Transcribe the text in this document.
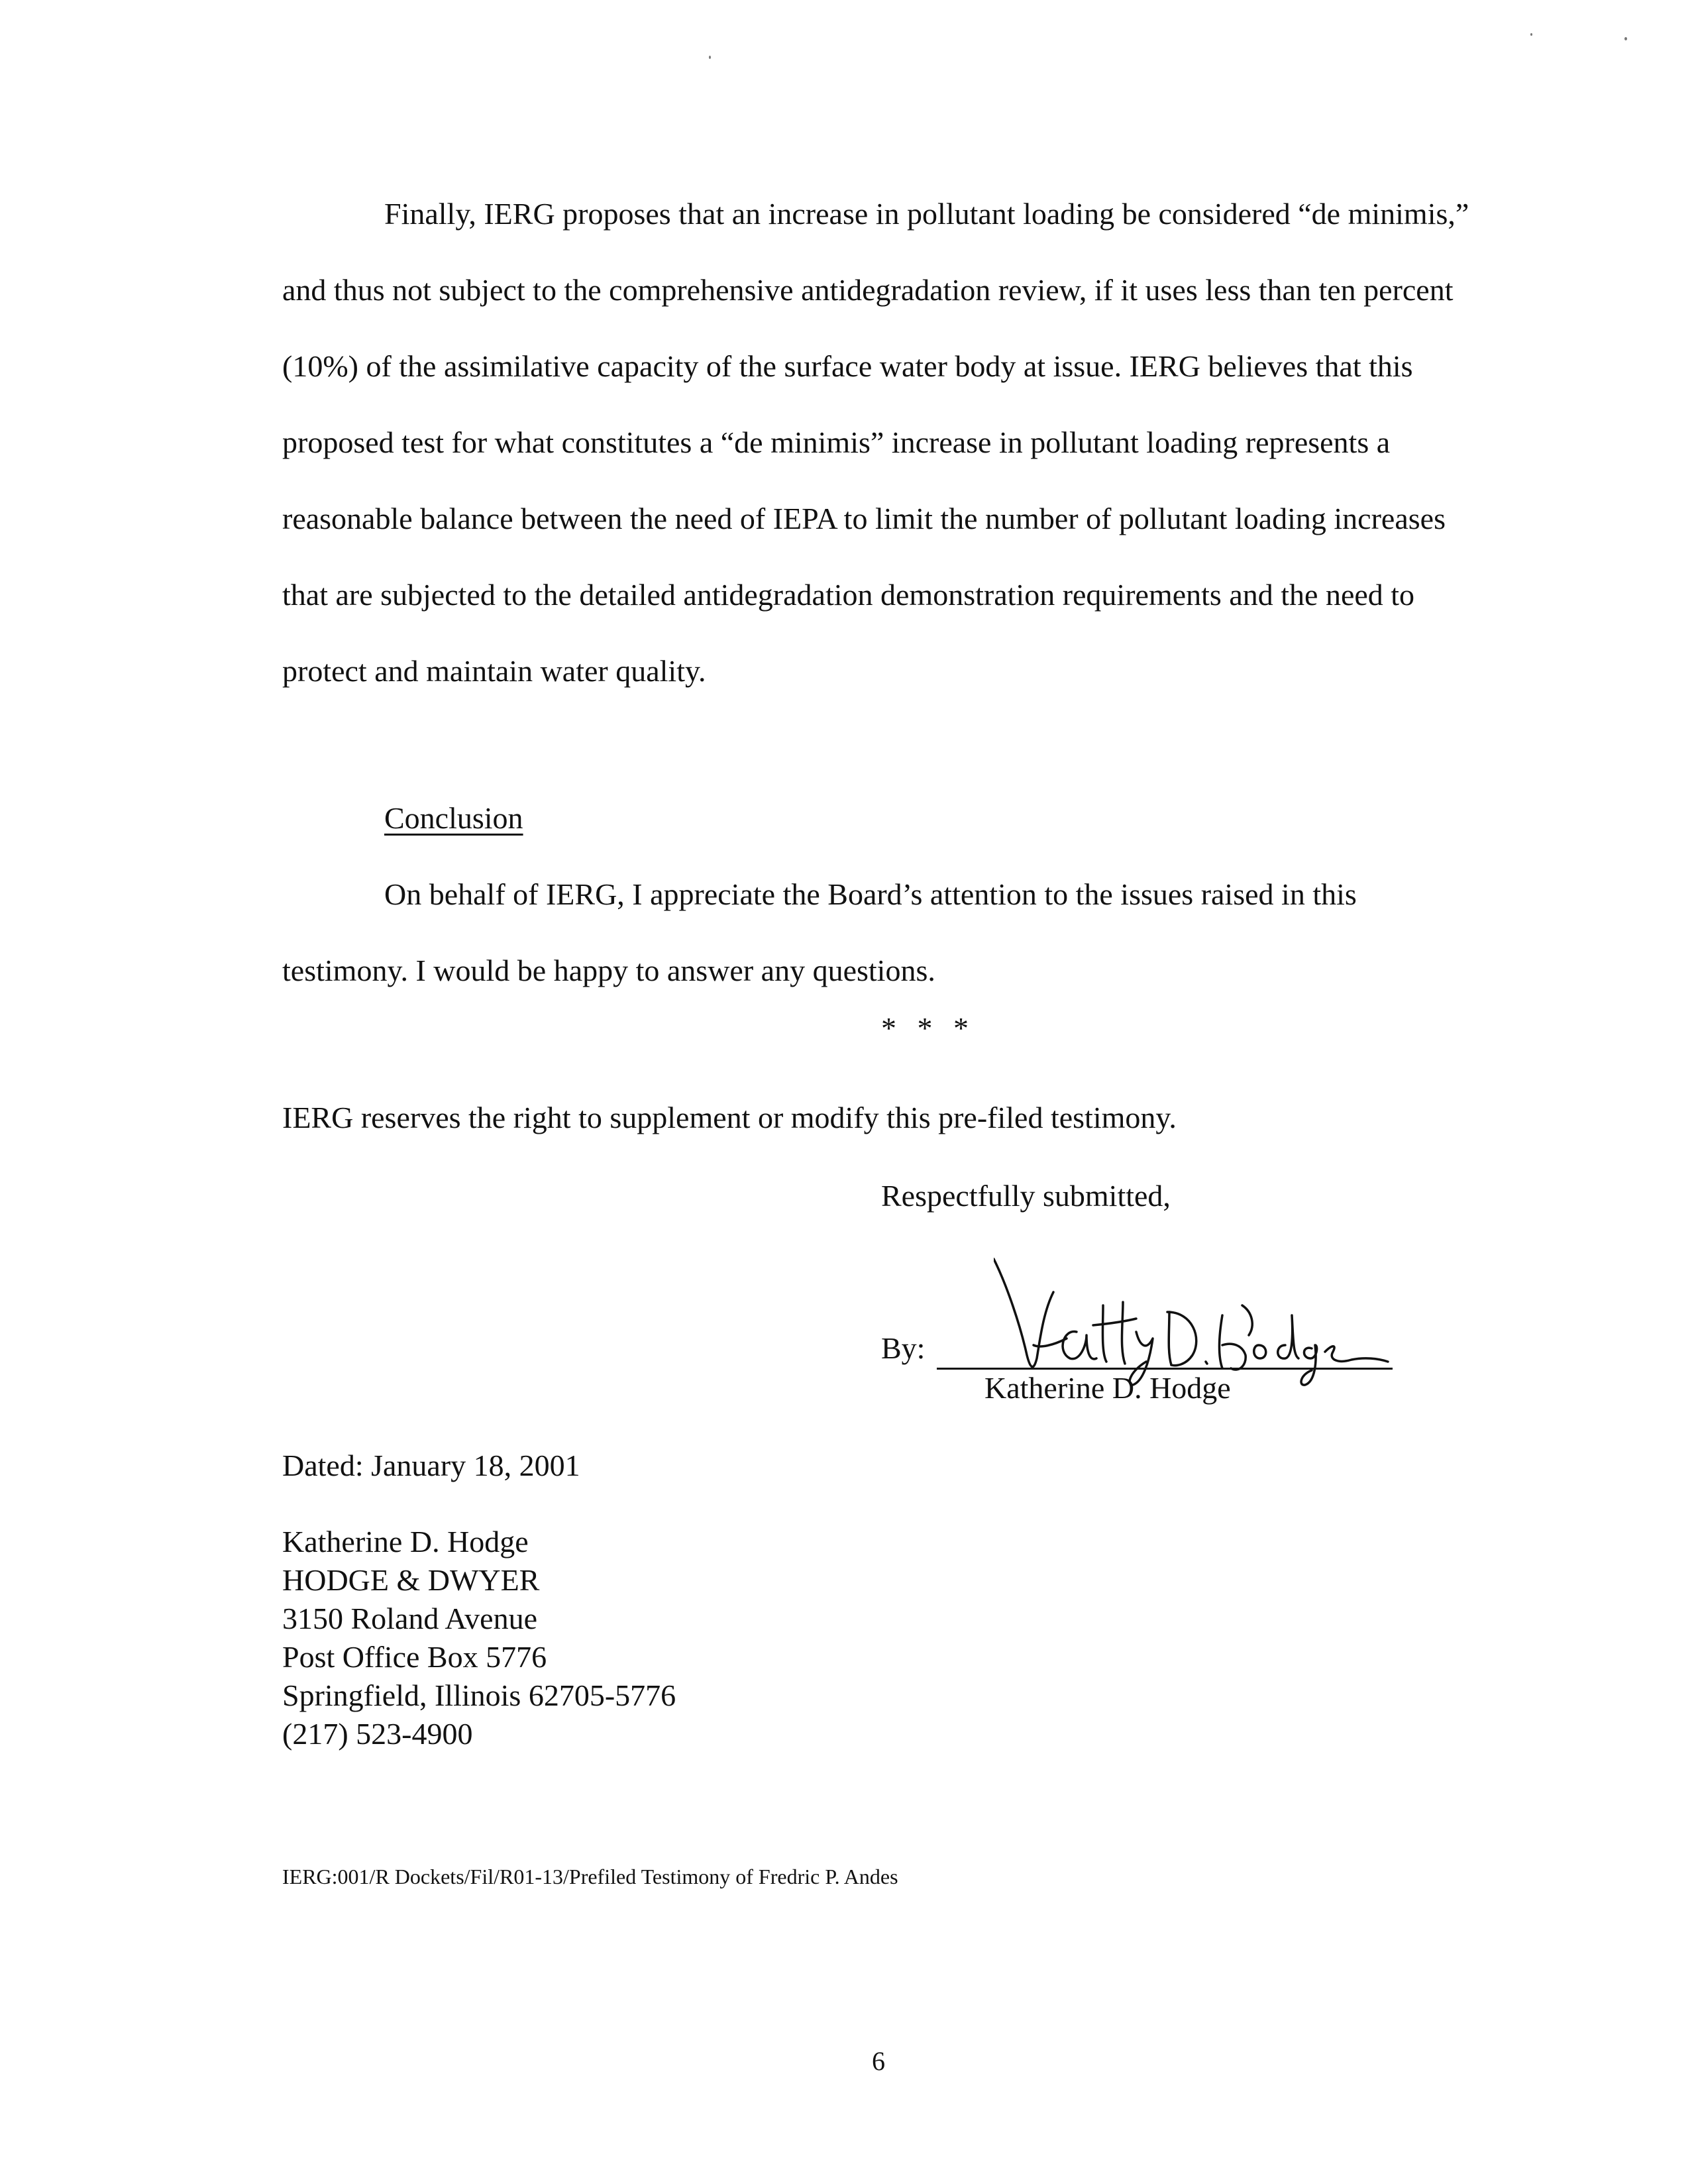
Finally, IERG proposes that an increase in pollutant loading be considered “de minimis,” and thus not subject to the comprehensive antidegradation review, if it uses less than ten percent (10%) of the assimilative capacity of the surface water body at issue. IERG believes that this proposed test for what constitutes a “de minimis” increase in pollutant loading represents a reasonable balance between the need of IEPA to limit the number of pollutant loading increases that are subjected to the detailed antidegradation demonstration requirements and the need to protect and maintain water quality.

Conclusion

On behalf of IERG, I appreciate the Board’s attention to the issues raised in this testimony. I would be happy to answer any questions.

* * *

IERG reserves the right to supplement or modify this pre-filed testimony.

Respectfully submitted,

By:

Katherine D. Hodge

Dated: January 18, 2001

Katherine D. Hodge
HODGE & DWYER
3150 Roland Avenue
Post Office Box 5776
Springfield, Illinois 62705-5776
(217) 523-4900

IERG:001/R Dockets/Fil/R01-13/Prefiled Testimony of Fredric P. Andes

6
